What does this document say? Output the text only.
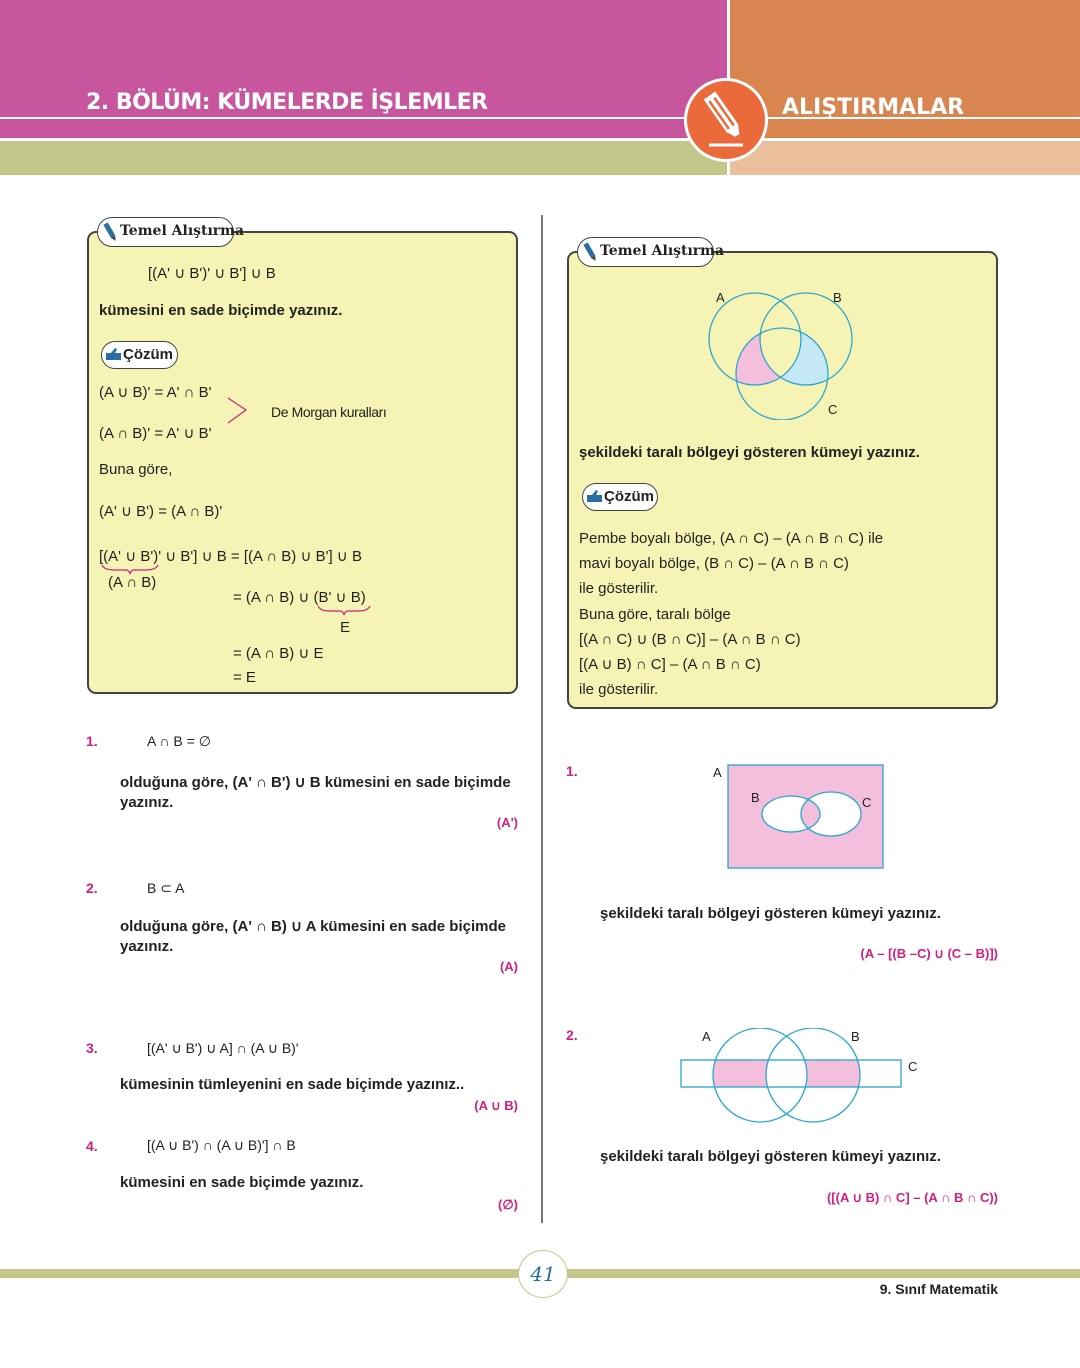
2. BÖLÜM: KÜMELERDE İŞLEMLER	ALIŞTIRMALAR
Temel Alıştırma
[(A' ∪ B')' ∪ B'] ∪ B
kümesini en sade biçimde yazınız.
Çözüm
(A ∪ B)' = A' ∩ B'
(A ∩ B)' = A' ∪ B'
De Morgan kuralları
Buna göre,
(A' ∪ B') = (A ∩ B)'
[(A' ∪ B')' ∪ B'] ∪ B = [(A ∩ B) ∪ B'] ∪ B
(A ∩ B)
= (A ∩ B) ∪ (B' ∪ B)
E
= (A ∩ B) ∪ E
= E
1.	A ∩ B = ∅
olduğuna göre, (A' ∩ B') ∪ B kümesini en sade biçimde
yazınız.
(A')
2.	B ⊂ A
olduğuna göre, (A' ∩ B) ∪ A kümesini en sade biçimde
yazınız.
(A)
3.	[(A' ∪ B') ∪ A] ∩ (A ∪ B)'
kümesinin tümleyenini en sade biçimde yazınız..
(A ∪ B)
4.	[(A ∪ B') ∩ (A ∪ B)'] ∩ B
kümesini en sade biçimde yazınız.
(∅)
Temel Alıştırma
A	B
C
şekildeki taralı bölgeyi gösteren kümeyi yazınız.
Çözüm
Pembe boyalı bölge, (A ∩ C) – (A ∩ B ∩ C) ile
mavi boyalı bölge, (B ∩ C) – (A ∩ B ∩ C)
ile gösterilir.
Buna göre, taralı bölge
[(A ∩ C) ∪ (B ∩ C)] – (A ∩ B ∩ C)
[(A ∪ B) ∩ C] – (A ∩ B ∩ C)
ile gösterilir.
1.	A
B	C
şekildeki taralı bölgeyi gösteren kümeyi yazınız.
(A – [(B –C) ∪ (C – B)])
2.	A	B
C
şekildeki taralı bölgeyi gösteren kümeyi yazınız.
([(A ∪ B) ∩ C] – (A ∩ B ∩ C))
41
9. Sınıf Matematik
